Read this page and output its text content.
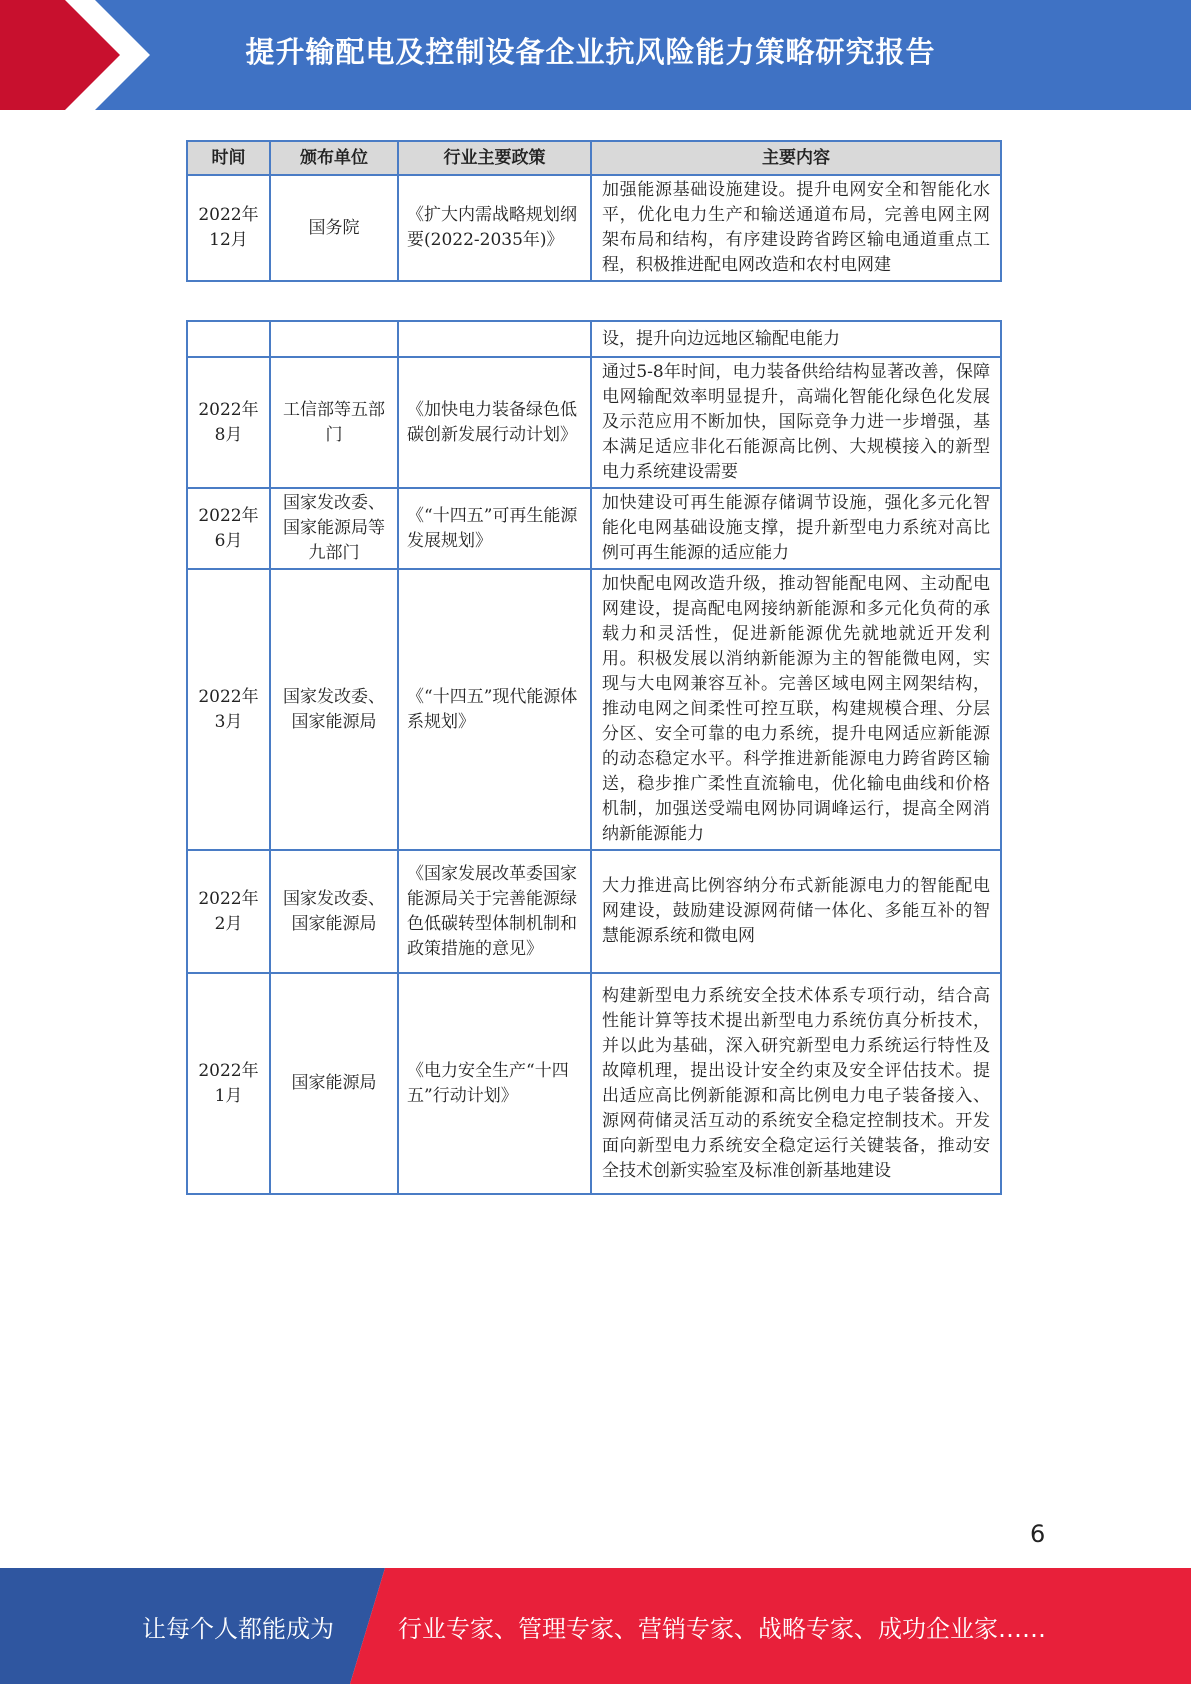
提升输配电及控制设备企业抗风险能力策略研究报告
时间	颁布单位	行业主要政策	主要内容
2022年12月	国务院	《扩大内需战略规划纲要(2022-2035年)》	加强能源基础设施建设。提升电网安全和智能化水平，优化电力生产和输送通道布局，完善电网主网架布局和结构，有序建设跨省跨区输电通道重点工程，积极推进配电网改造和农村电网建
			设，提升向边远地区输配电能力
2022年8月	工信部等五部门	《加快电力装备绿色低碳创新发展行动计划》	通过5-8年时间，电力装备供给结构显著改善，保障电网输配效率明显提升，高端化智能化绿色化发展及示范应用不断加快，国际竞争力进一步增强，基本满足适应非化石能源高比例、大规模接入的新型电力系统建设需要
2022年6月	国家发改委、国家能源局等九部门	《“十四五”可再生能源发展规划》	加快建设可再生能源存储调节设施，强化多元化智能化电网基础设施支撑，提升新型电力系统对高比例可再生能源的适应能力
2022年3月	国家发改委、国家能源局	《“十四五”现代能源体系规划》	加快配电网改造升级，推动智能配电网、主动配电网建设，提高配电网接纳新能源和多元化负荷的承载力和灵活性，促进新能源优先就地就近开发利用。积极发展以消纳新能源为主的智能微电网，实现与大电网兼容互补。完善区域电网主网架结构，推动电网之间柔性可控互联，构建规模合理、分层分区、安全可靠的电力系统，提升电网适应新能源的动态稳定水平。科学推进新能源电力跨省跨区输送，稳步推广柔性直流输电，优化输电曲线和价格机制，加强送受端电网协同调峰运行，提高全网消纳新能源能力
2022年2月	国家发改委、国家能源局	《国家发展改革委国家能源局关于完善能源绿色低碳转型体制机制和政策措施的意见》	大力推进高比例容纳分布式新能源电力的智能配电网建设，鼓励建设源网荷储一体化、多能互补的智慧能源系统和微电网
2022年1月	国家能源局	《电力安全生产“十四五”行动计划》	构建新型电力系统安全技术体系专项行动，结合高性能计算等技术提出新型电力系统仿真分析技术，并以此为基础，深入研究新型电力系统运行特性及故障机理，提出设计安全约束及安全评估技术。提出适应高比例新能源和高比例电力电子装备接入、源网荷储灵活互动的系统安全稳定控制技术。开发面向新型电力系统安全稳定运行关键装备，推动安全技术创新实验室及标准创新基地建设
6
让每个人都能成为	行业专家、管理专家、营销专家、战略专家、成功企业家……
